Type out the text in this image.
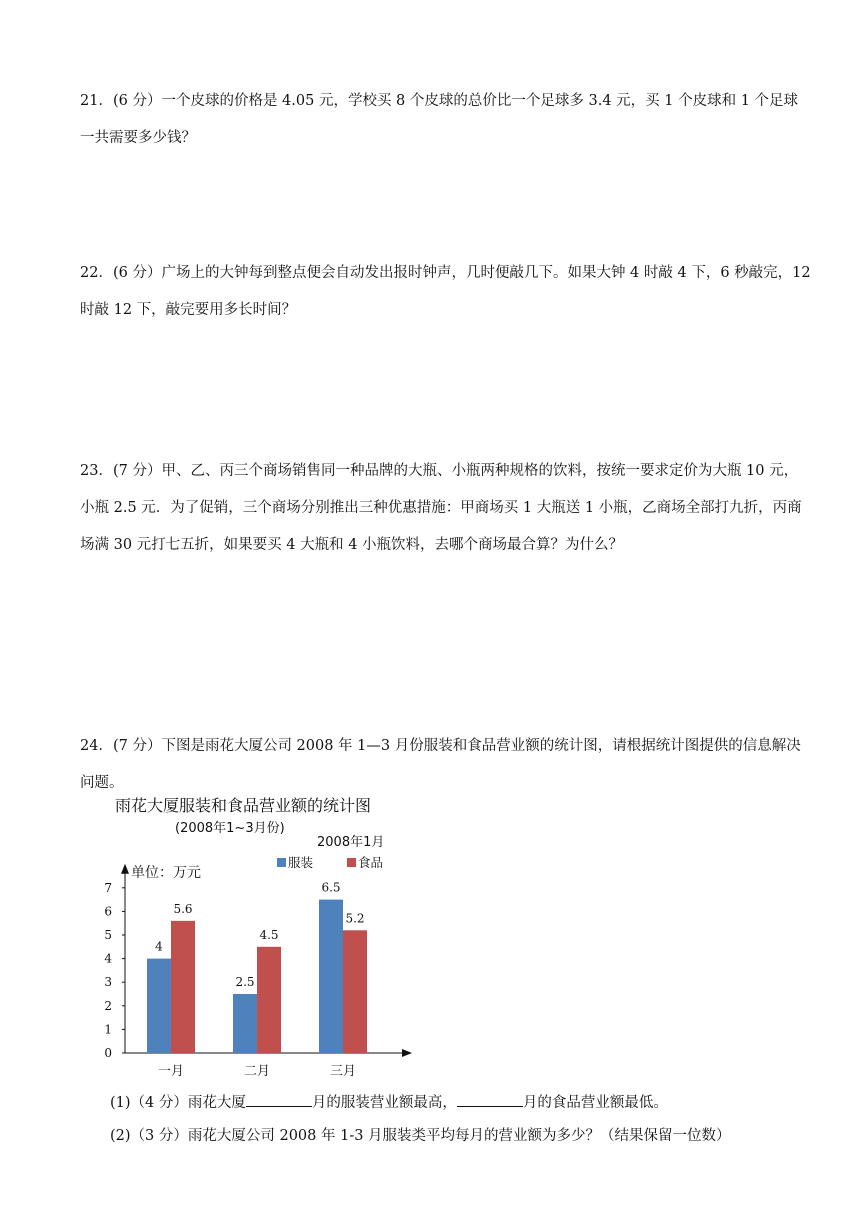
21．(6 分）一个皮球的价格是 4.05 元，学校买 8 个皮球的总价比一个足球多 3.4 元，买 1 个皮球和 1 个足球一共需要多少钱？

22．(6 分）广场上的大钟每到整点便会自动发出报时钟声，几时便敲几下。如果大钟 4 时敲 4 下，6 秒敲完，12 时敲 12 下，敲完要用多长时间？

23．(7 分）甲、乙、丙三个商场销售同一种品牌的大瓶、小瓶两种规格的饮料，按统一要求定价为大瓶 10 元，小瓶 2.5 元．为了促销，三个商场分别推出三种优惠措施：甲商场买 1 大瓶送 1 小瓶，乙商场全部打九折，丙商场满 30 元打七五折，如果要买 4 大瓶和 4 小瓶饮料，去哪个商场最合算？为什么？

24．(7 分）下图是雨花大厦公司 2008 年 1—3 月份服装和食品营业额的统计图，请根据统计图提供的信息解决问题。

雨花大厦服装和食品营业额的统计图
(2008年1~3月份)
2008年1月
单位：万元
服装	食品
0
1
2
3
4
5
6
7
4
5.6
一月
2.5
4.5
二月
6.5
5.2
三月
(1)（4 分）雨花大厦	月的服装营业额最高，	月的食品营业额最低。
(2)（3 分）雨花大厦公司 2008 年 1-3 月服装类平均每月的营业额为多少？（结果保留一位数）
